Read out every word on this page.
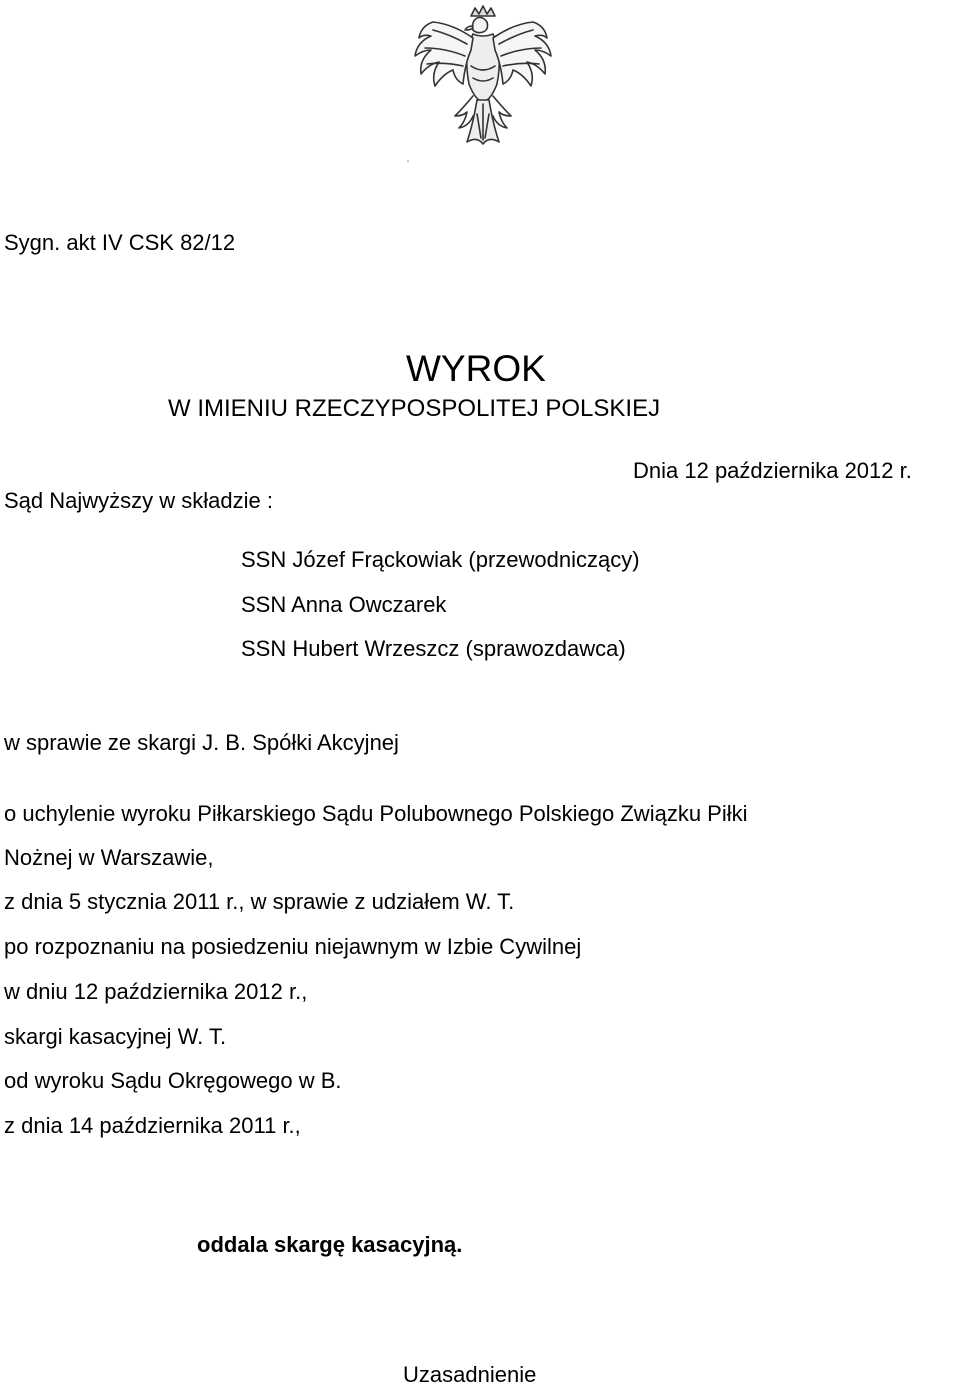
Sygn. akt IV CSK 82/12
WYROK
W IMIENIU RZECZYPOSPOLITEJ POLSKIEJ
Dnia 12 października 2012 r.
Sąd Najwyższy w składzie :
SSN Józef Frąckowiak (przewodniczący)
SSN Anna Owczarek
SSN Hubert Wrzeszcz (sprawozdawca)
w sprawie ze skargi J. B. Spółki Akcyjnej
o uchylenie wyroku Piłkarskiego Sądu Polubownego Polskiego Związku Piłki
Nożnej w Warszawie,
z dnia 5 stycznia 2011 r., w sprawie z udziałem W. T.
po rozpoznaniu na posiedzeniu niejawnym w Izbie Cywilnej
w dniu 12 października 2012 r.,
skargi kasacyjnej W. T.
od wyroku Sądu Okręgowego w B.
z dnia 14 października 2011 r.,
oddala skargę kasacyjną.
Uzasadnienie
